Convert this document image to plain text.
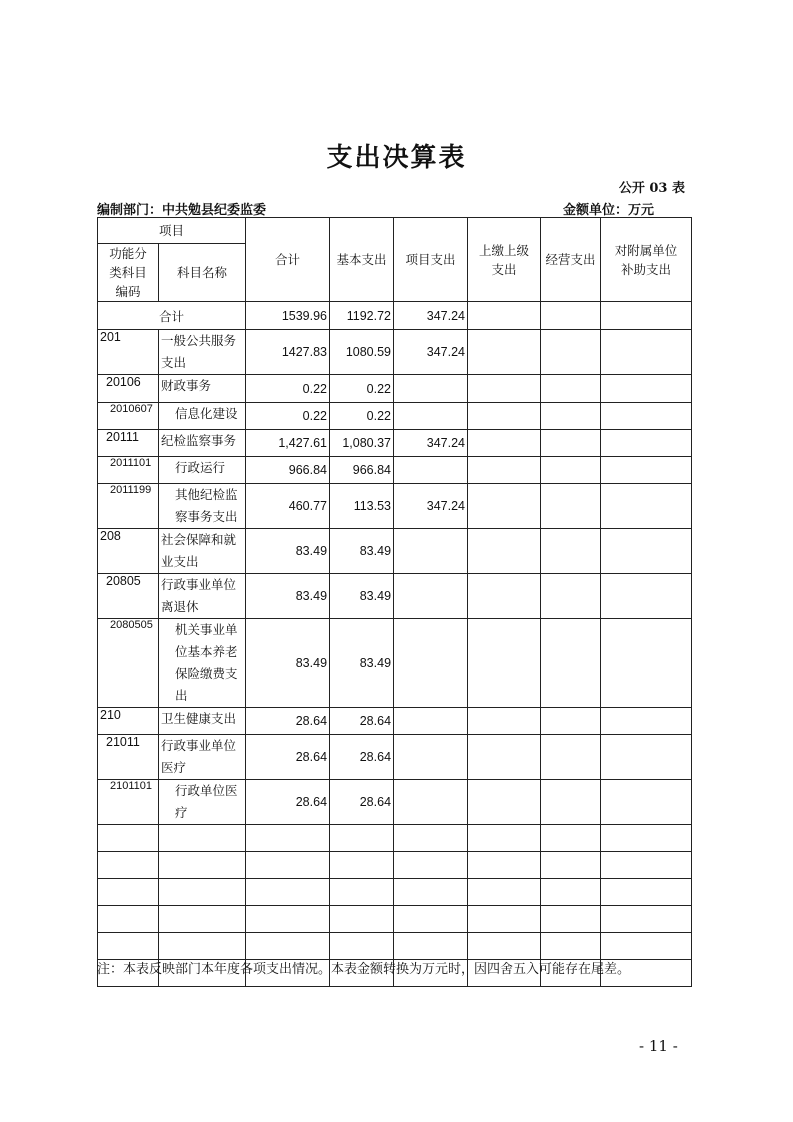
支出决算表
公开 03 表
编制部门：中共勉县纪委监委	金额单位：万元
项目		合计	基本支出	项目支出	上缴上级支出	经营支出	对附属单位补助支出
功能分类科目编码	科目名称						
合计		1539.96	1192.72	347.24			
201	一般公共服务支出	1427.83	1080.59	347.24			
20106	财政事务	0.22	0.22				
2010607	信息化建设	0.22	0.22				
20111	纪检监察事务	1,427.61	1,080.37	347.24			
2011101	行政运行	966.84	966.84				
2011199	其他纪检监察事务支出	460.77	113.53	347.24			
208	社会保障和就业支出	83.49	83.49				
20805	行政事业单位离退休	83.49	83.49				
2080505	机关事业单位基本养老保险缴费支出	83.49	83.49				
210	卫生健康支出	28.64	28.64				
21011	行政事业单位医疗	28.64	28.64				
2101101	行政单位医疗	28.64	28.64				

注：本表反映部门本年度各项支出情况。本表金额转换为万元时，因四舍五入可能存在尾差。
- 11 -
